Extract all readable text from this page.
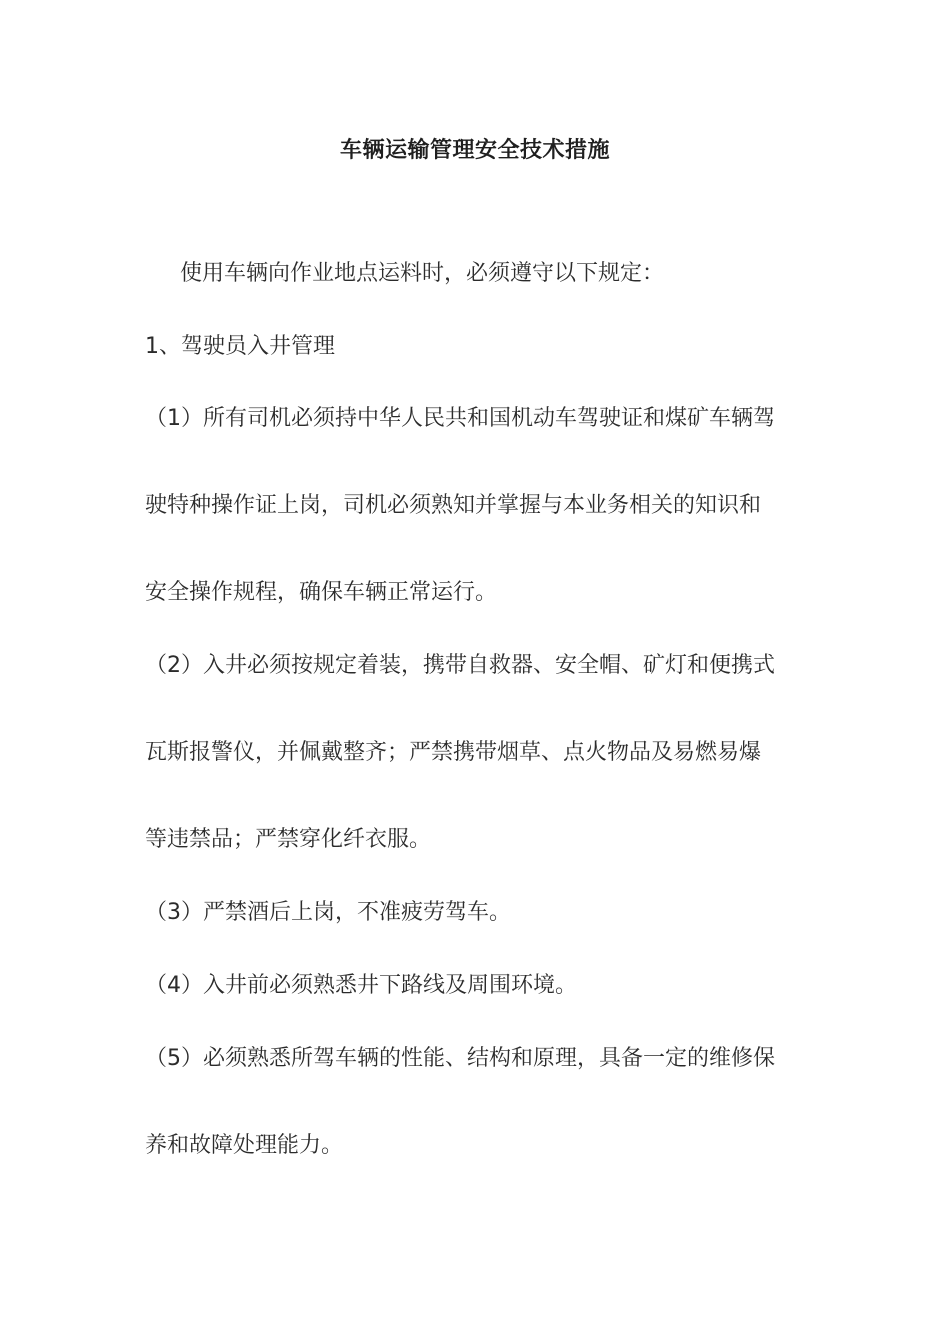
车辆运输管理安全技术措施
使用车辆向作业地点运料时，必须遵守以下规定：
1、驾驶员入井管理
（1）所有司机必须持中华人民共和国机动车驾驶证和煤矿车辆驾
驶特种操作证上岗，司机必须熟知并掌握与本业务相关的知识和
安全操作规程，确保车辆正常运行。
（2）入井必须按规定着装，携带自救器、安全帽、矿灯和便携式
瓦斯报警仪，并佩戴整齐；严禁携带烟草、点火物品及易燃易爆
等违禁品；严禁穿化纤衣服。
（3）严禁酒后上岗，不准疲劳驾车。
（4）入井前必须熟悉井下路线及周围环境。
（5）必须熟悉所驾车辆的性能、结构和原理，具备一定的维修保
养和故障处理能力。
